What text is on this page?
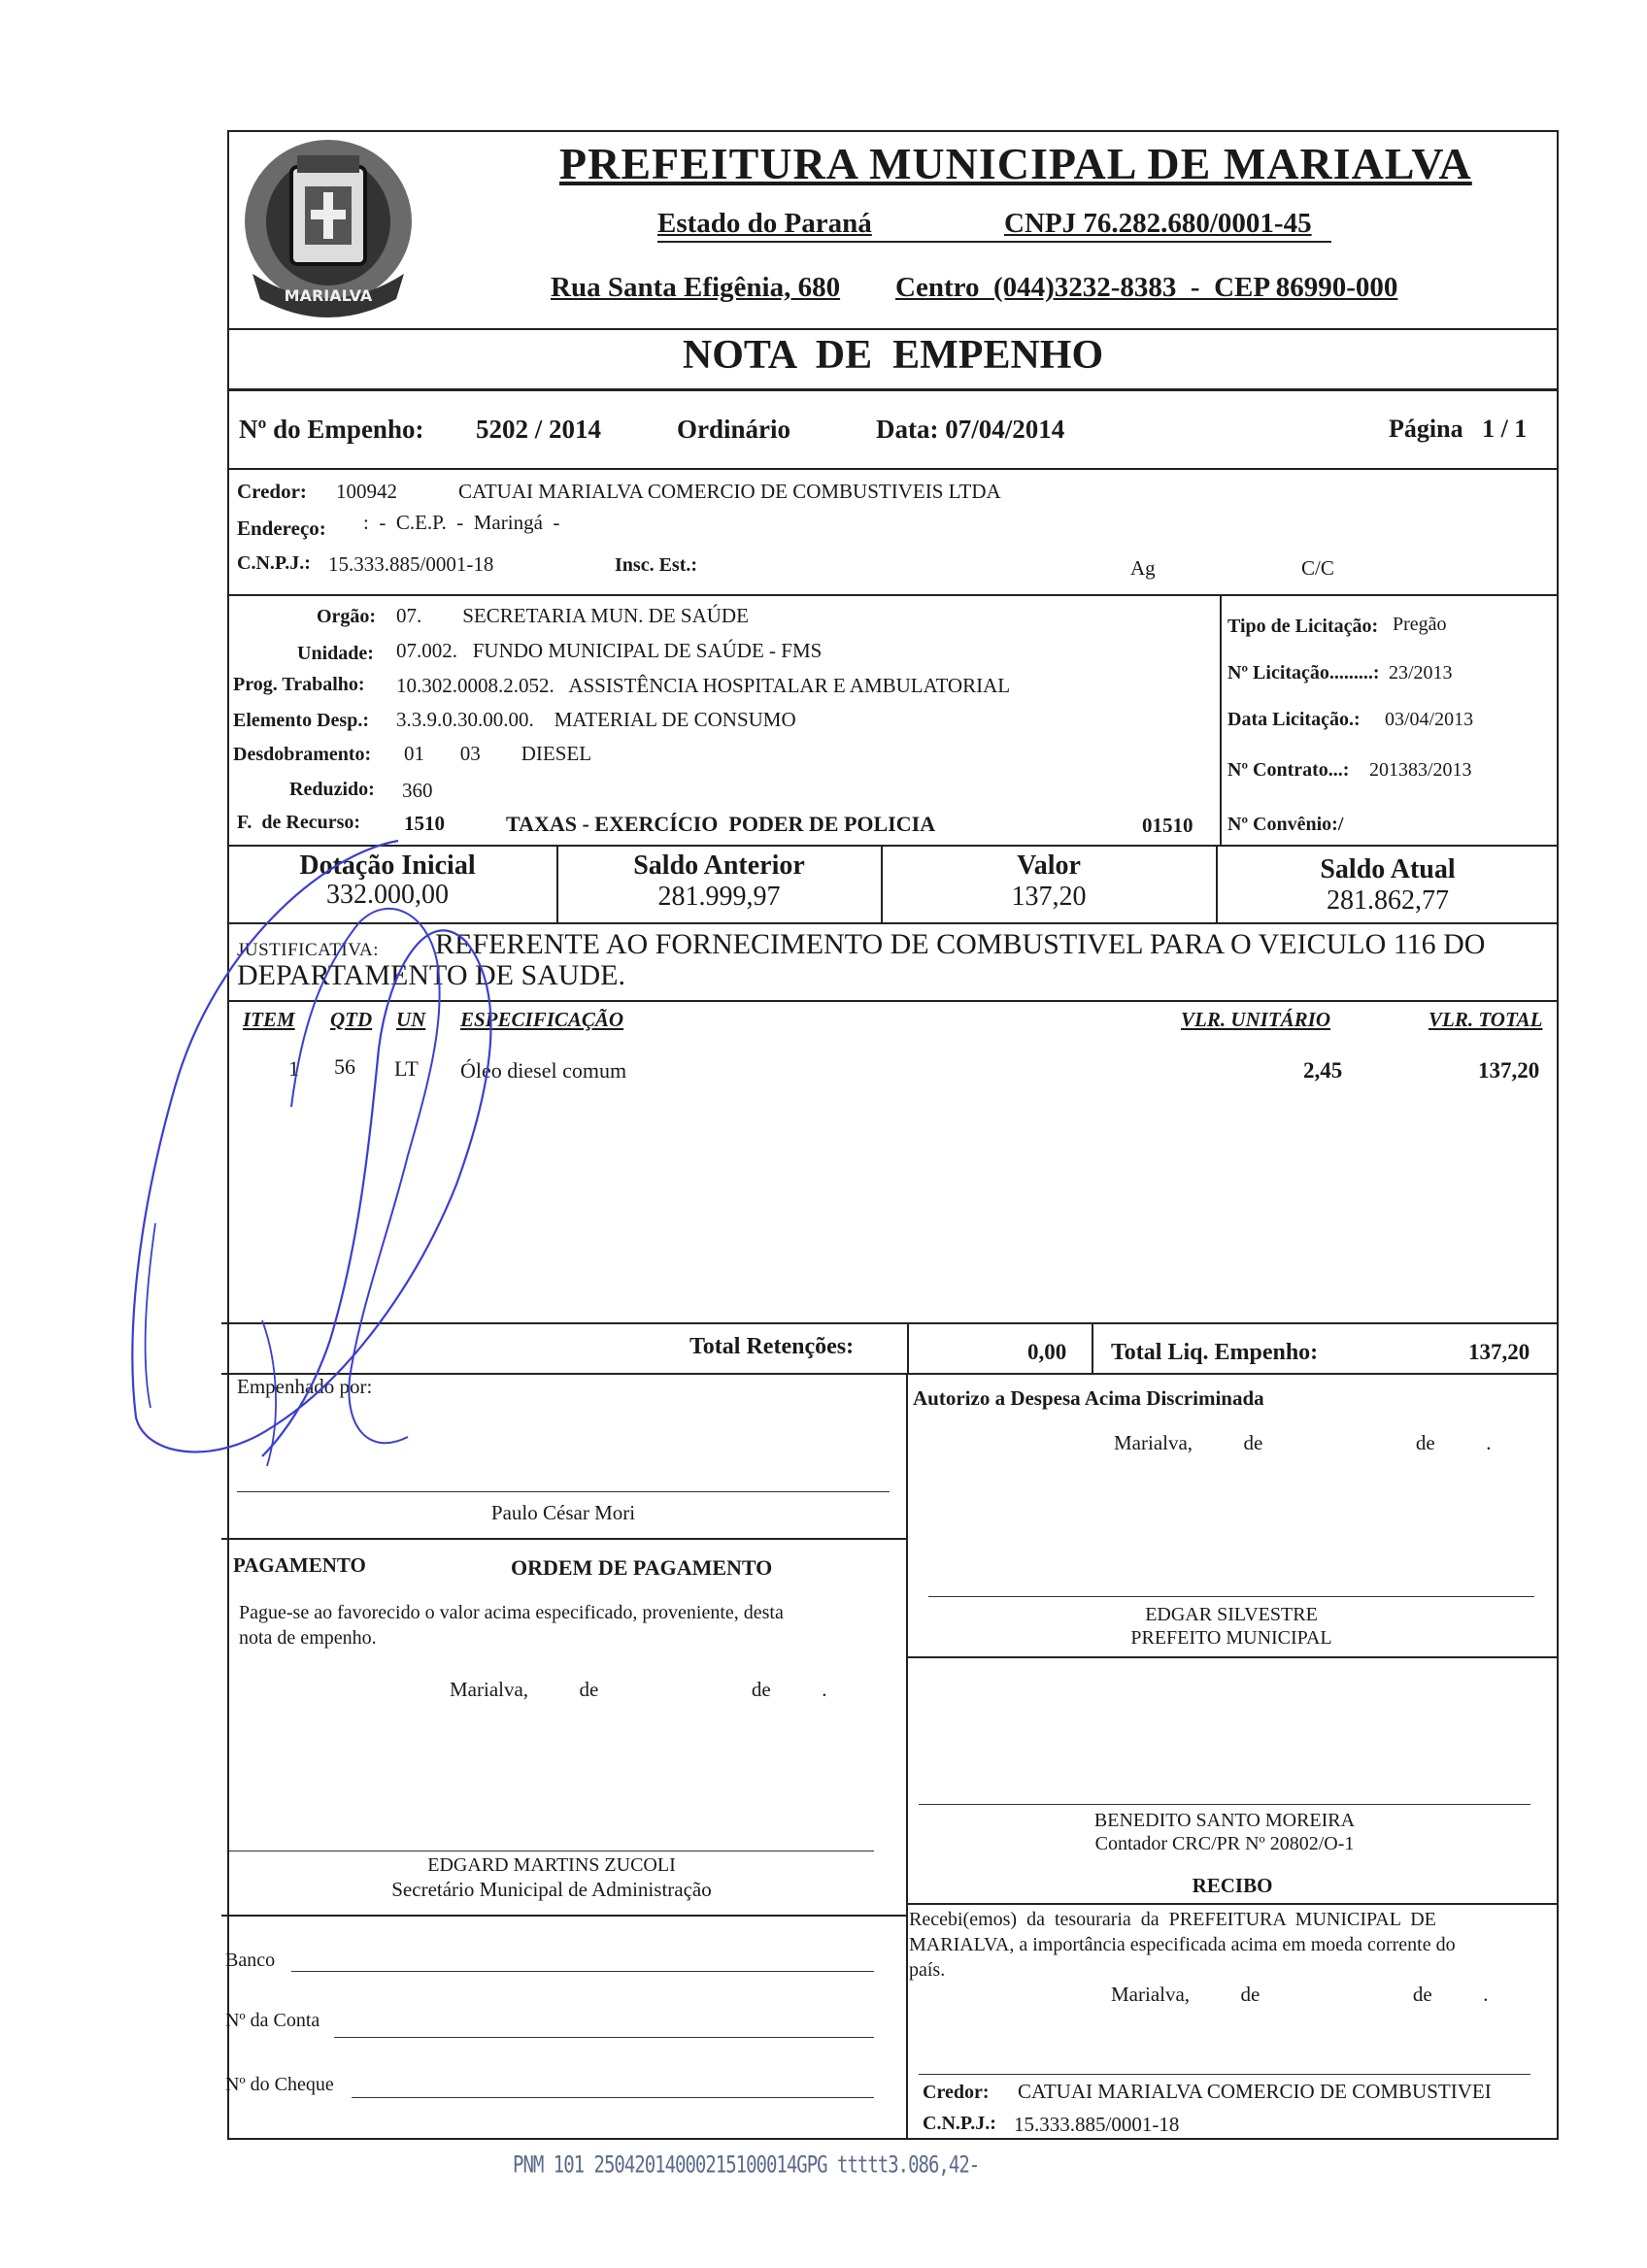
MARIALVA
PREFEITURA MUNICIPAL DE MARIALVA
Estado do Paraná	CNPJ 76.282.680/0001-45
Rua Santa Efigênia, 680 Centro  (044)3232-8383  -  CEP 86990-000
NOTA  DE  EMPENHO
Nº do Empenho: 5202 / 2014	Ordinário	Data: 07/04/2014	Página   1 / 1
Credor: 100942	CATUAI MARIALVA COMERCIO DE COMBUSTIVEIS LTDA
Endereço: :  -  C.E.P.  -  Maringá  -
C.N.P.J.: 15.333.885/0001-18	Insc. Est.:	Ag	C/C
Orgão: 07.        SECRETARIA MUN. DE SAÚDE
Unidade: 07.002.   FUNDO MUNICIPAL DE SAÚDE - FMS
Prog. Trabalho: 10.302.0008.2.052.   ASSISTÊNCIA HOSPITALAR E AMBULATORIAL
Elemento Desp.: 3.3.9.0.30.00.00.    MATERIAL DE CONSUMO
Desdobramento: 01       03        DIESEL
Reduzido: 360
F.  de Recurso: 1510	TAXAS - EXERCÍCIO  PODER DE POLICIA	01510
Tipo de Licitação: Pregão
Nº Licitação.........: 23/2013
Data Licitação.: 03/04/2013
Nº Contrato...: 201383/2013
Nº Convênio:/
Dotação Inicial
332.000,00
Saldo Anterior
281.999,97
Valor
137,20
Saldo Atual
281.862,77
JUSTIFICATIVA: REFERENTE AO FORNECIMENTO DE COMBUSTIVEL PARA O VEICULO 116 DO
DEPARTAMENTO DE SAUDE.
ITEM QTD UN ESPECIFICAÇÃO	VLR. UNITÁRIO	VLR. TOTAL
1 56 LT Óleo diesel comum	2,45	137,20
Total Retenções:	0,00 Total Liq. Empenho:	137,20
Empenhado por:
Paulo César Mori
PAGAMENTO	ORDEM DE PAGAMENTO
Pague-se ao favorecido o valor acima especificado, proveniente, desta
nota de empenho.
Marialva,          de                              de          .
EDGARD MARTINS ZUCOLI
Secretário Municipal de Administração
Banco
Nº da Conta
Nº do Cheque
Autorizo a Despesa Acima Discriminada
Marialva,          de                              de          .
EDGAR SILVESTRE
PREFEITO MUNICIPAL
BENEDITO SANTO MOREIRA
Contador CRC/PR Nº 20802/O-1
RECIBO
Recebi(emos)  da  tesouraria  da  PREFEITURA  MUNICIPAL  DE
MARIALVA, a importância especificada acima em moeda corrente do
país.
Marialva,          de                              de          .
Credor: CATUAI MARIALVA COMERCIO DE COMBUSTIVEI
C.N.P.J.: 15.333.885/0001-18
PNM 101 25042014000215100014GPG ttttt3.086,42-
